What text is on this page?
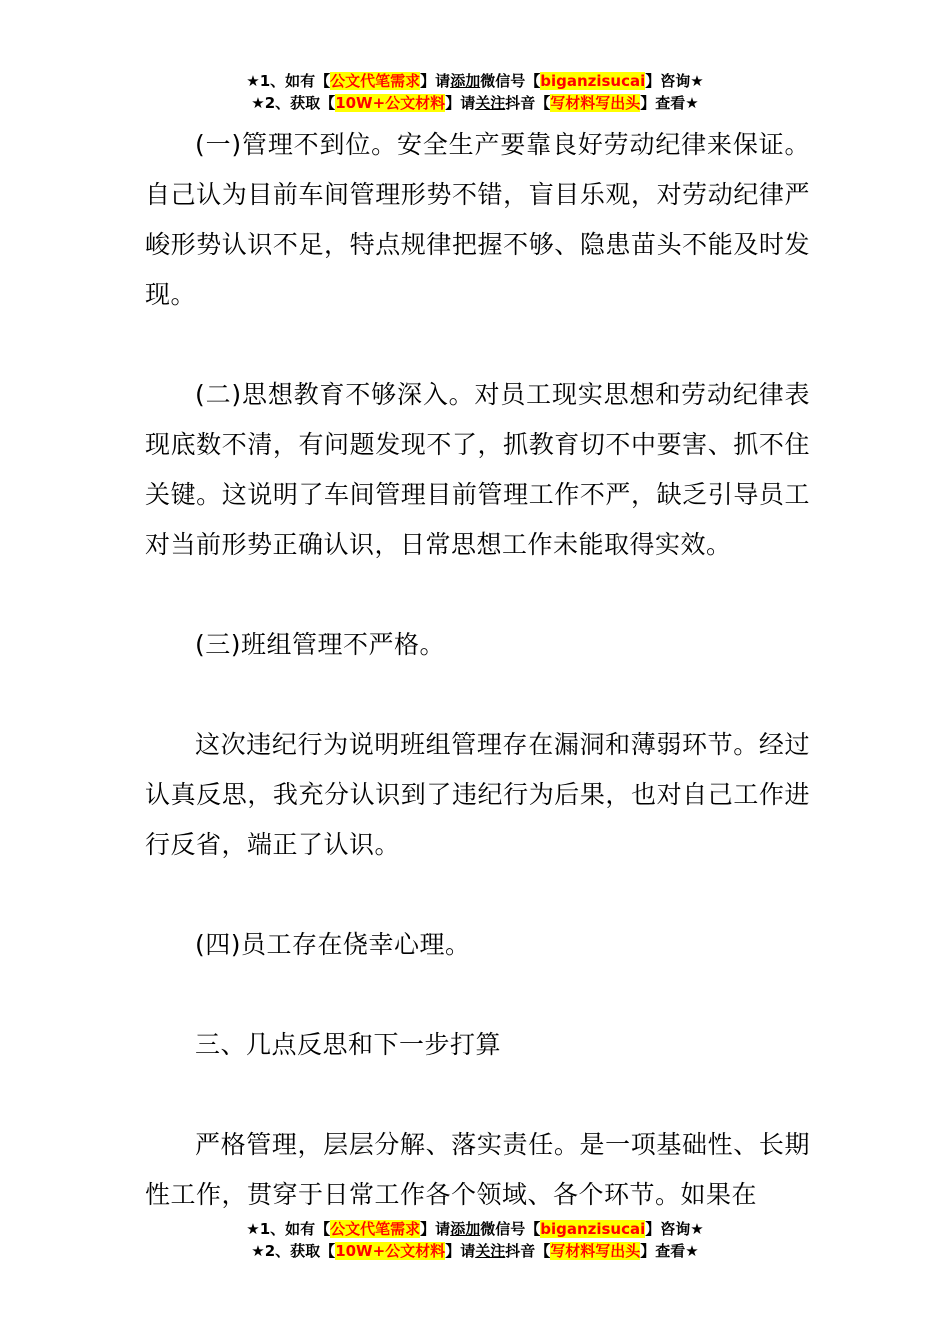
★1、如有【公文代笔需求】请添加微信号【biganzisucai】咨询★
★2、获取【10W+公文材料】请关注抖音【写材料写出头】查看★

(一)管理不到位。安全生产要靠良好劳动纪律来保证。自己认为目前车间管理形势不错，盲目乐观，对劳动纪律严峻形势认识不足，特点规律把握不够、隐患苗头不能及时发现。

(二)思想教育不够深入。对员工现实思想和劳动纪律表现底数不清，有问题发现不了，抓教育切不中要害、抓不住关键。这说明了车间管理目前管理工作不严，缺乏引导员工对当前形势正确认识，日常思想工作未能取得实效。

(三)班组管理不严格。

这次违纪行为说明班组管理存在漏洞和薄弱环节。经过认真反思，我充分认识到了违纪行为后果，也对自己工作进行反省，端正了认识。

(四)员工存在侥幸心理。

三、几点反思和下一步打算

严格管理，层层分解、落实责任。是一项基础性、长期性工作，贯穿于日常工作各个领域、各个环节。如果在

★1、如有【公文代笔需求】请添加微信号【biganzisucai】咨询★
★2、获取【10W+公文材料】请关注抖音【写材料写出头】查看★
